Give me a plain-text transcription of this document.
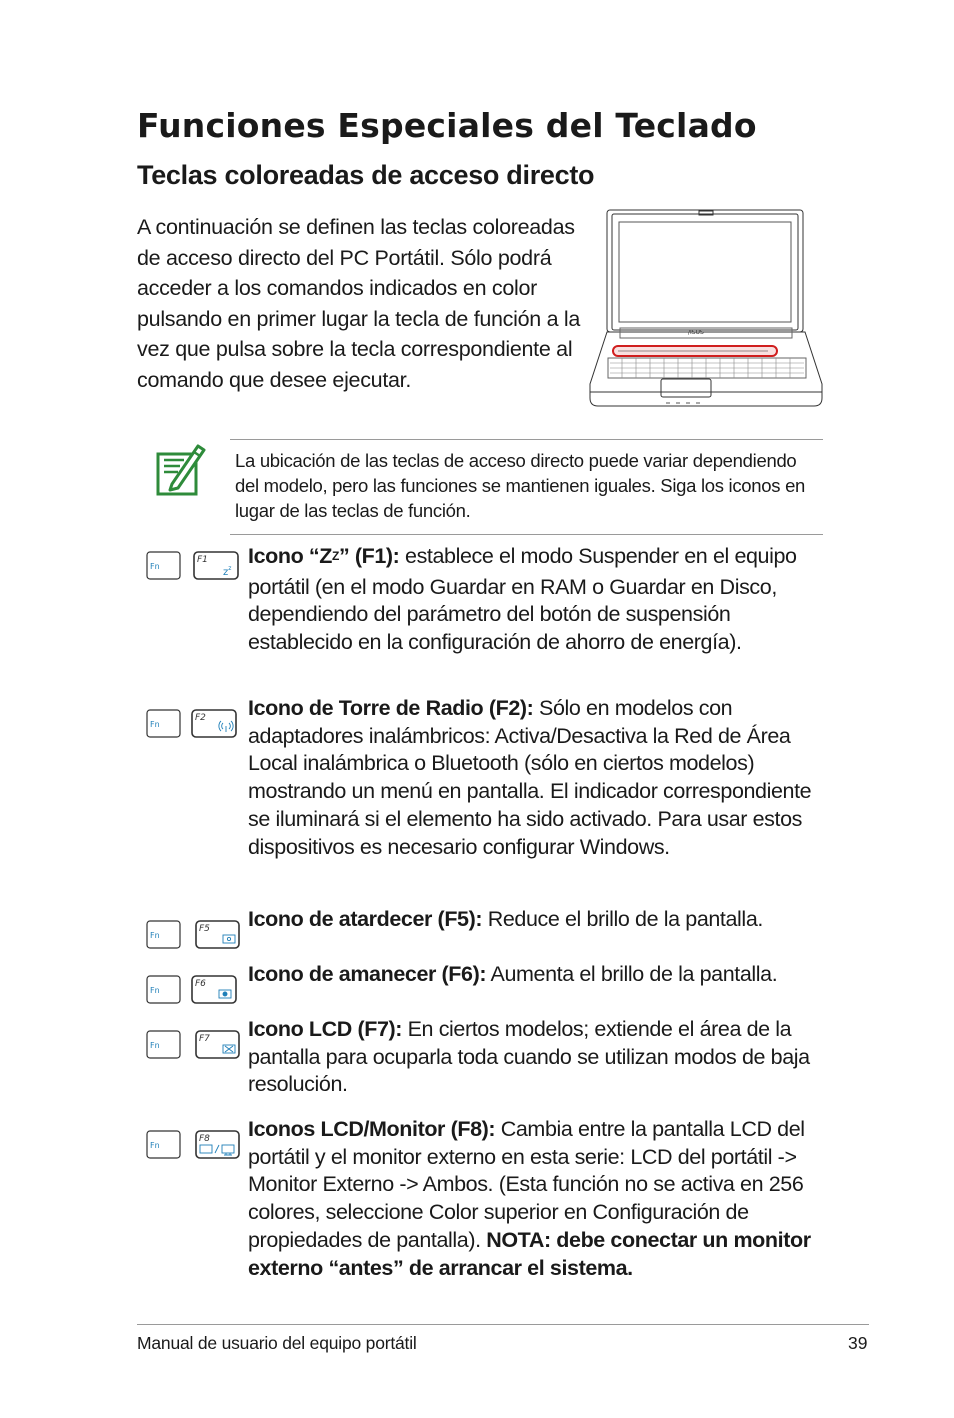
Funciones Especiales del Teclado
Teclas coloreadas de acceso directo

A continuación se definen las teclas coloreadas de acceso directo del PC Portátil. Sólo podrá acceder a los comandos indicados en color pulsando en primer lugar la tecla de función a la vez que pulsa sobre la tecla correspondiente al comando que desee ejecutar.

/ISUS

La ubicación de las teclas de acceso directo puede variar dependiendo del modelo, pero las funciones se mantienen iguales. Siga los iconos en lugar de las teclas de función.

Fn
F1
$z^z$

Icono “$Z^Z$” (F1): establece el modo Suspender en el equipo portátil (en el modo Guardar en RAM o Guardar en Disco, dependiendo del parámetro del botón de suspensión establecido en la configuración de ahorro de energía).

Fn
F2 Icono de Torre de Radio (F2): Sólo en modelos con adaptadores inalámbricos: Activa/Desactiva la Red de Área Local inalámbrica o Bluetooth (sólo en ciertos modelos) mostrando un menú en pantalla. El indicador correspondiente se iluminará si el elemento ha sido activado. Para usar estos dispositivos es necesario configurar Windows.

Fn
F5 Icono de atardecer (F5): Reduce el brillo de la pantalla.

Fn
F6 Icono de amanecer (F6): Aumenta el brillo de la pantalla.

Fn
F7 Icono LCD (F7): En ciertos modelos; extiende el área de la pantalla para ocuparla toda cuando se utilizan modos de baja resolución.

Fn
F8 Iconos LCD/Monitor (F8): Cambia entre la pantalla LCD del portátil y el monitor externo en esta serie: LCD del portátil -> Monitor Externo -> Ambos. (Esta función no se activa en 256 colores, seleccione Color superior en Configuración de propiedades de pantalla). NOTA: debe conectar un monitor externo “antes” de arrancar el sistema.

Manual de usuario del equipo portátil	39
